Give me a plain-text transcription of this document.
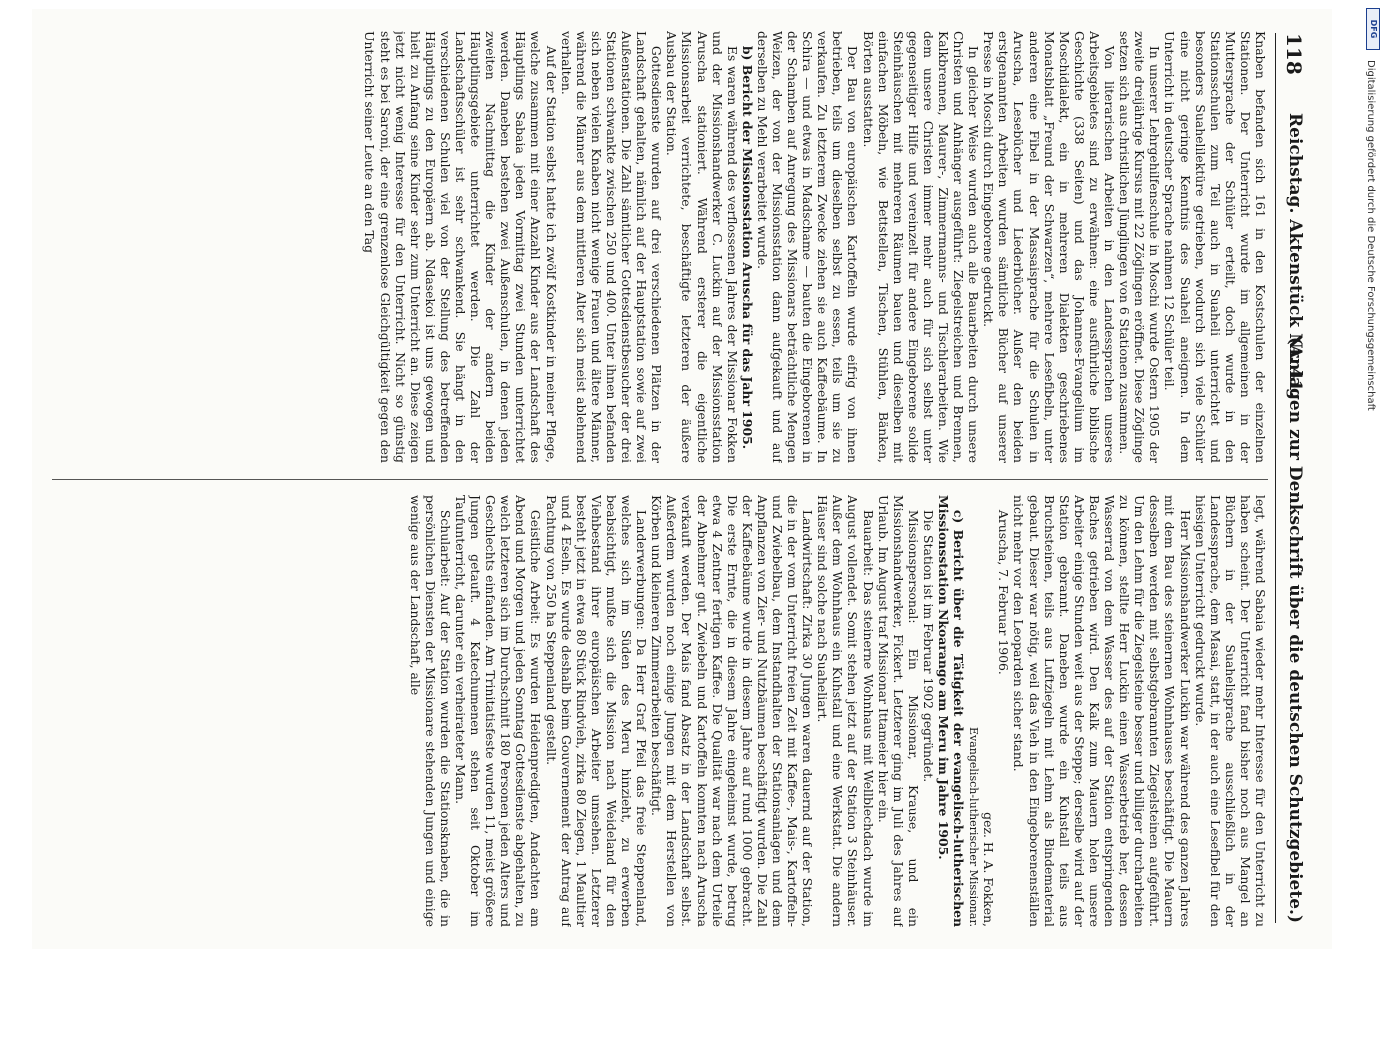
118
Reichstag. Aktenstück Nr. 41.
(Anlagen zur Denkschrift über die deutschen Schutzgebiete.)

Knaben befanden sich 161 in den Kostschulen der einzelnen Stationen. Der Unterricht wurde im allgemeinen in der Muttersprache der Schüler erteilt, doch wurde in den Stationsschulen zum Teil auch in Suaheli unterrichtet und besonders Suahelilektüre getrieben, wodurch sich viele Schüler eine nicht geringe Kenntnis des Suaheli aneignen. In dem Unterricht in deutscher Sprache nahmen 12 Schüler teil.

In unserer Lehrgehilfenschule in Moschi wurde Ostern 1905 der zweite dreijährige Kursus mit 22 Zöglingen eröffnet. Diese Zöglinge setzen sich aus christlichen Jünglingen von 6 Stationen zusammen.

Von literarischen Arbeiten in den Landessprachen unseres Arbeitsgebietes sind zu erwähnen: eine ausführliche biblische Geschichte (338 Seiten) und das Johannes-Evangelium im Moschidialekt, ein in mehreren Dialekten geschriebenes Monatsblatt „Freund der Schwarzen“, mehrere Lesefibeln, unter anderen eine Fibel in der Massaisprache für die Schulen in Aruscha, Lesebücher und Liederbücher. Außer den beiden erstgenannten Arbeiten wurden sämtliche Bücher auf unserer Presse in Moschi durch Eingeborene gedruckt.

In gleicher Weise wurden auch alle Bauarbeiten durch unsere Christen und Anhänger ausgeführt: Ziegelstreichen und Brennen, Kalkbrennen, Maurer-, Zimmermanns- und Tischlerarbeiten. Wie dem unsere Christen immer mehr auch für sich selbst unter gegenseitiger Hilfe und vereinzelt für andere Eingeborene solide Steinhäuschen mit mehreren Räumen bauen und dieselben mit einfachen Möbeln, wie Bettstellen, Tischen, Stühlen, Bänken, Börten ausstatten.

Der Bau von europäischen Kartoffeln wurde eifrig von ihnen betrieben, teils um dieselben selbst zu essen, teils um sie zu verkaufen. Zu letzterem Zwecke ziehen sie auch Kaffeebäume. In Schira — und etwas in Madschame — bauten die Eingeborenen in der Schamben auf Anregung des Missionars beträchtliche Mengen Weizen, der von der Missionsstation dann aufgekauft und auf derselben zu Mehl verarbeitet wurde.

b) Bericht der Missionsstation Aruscha für das Jahr 1905.

Es waren während des verflossenen Jahres der Missionar Fokken und der Missionshandwerker C. Luckin auf der Missionsstation Aruscha stationiert. Während ersterer die eigentliche Missionsarbeit verrichtete, beschäftigte letzteren der äußere Ausbau der Station.

Gottesdienste wurden auf drei verschiedenen Plätzen in der Landschaft gehalten, nämlich auf der Hauptstation sowie auf zwei Außenstationen. Die Zahl sämtlicher Gottesdienstbesucher der drei Stationen schwankte zwischen 250 und 400. Unter ihnen befanden sich neben vielen Knaben nicht wenige Frauen und ältere Männer, während die Männer aus dem mittleren Alter sich meist ablehnend verhalten.

Auf der Station selbst hatte ich zwölf Kostkinder in meiner Pflege, welche zusammen mit einer Anzahl Kinder aus der Landschaft des Häuptlings Sabaia jeden Vormittag zwei Stunden unterrichtet werden. Daneben bestehen zwei Außenschulen, in denen jeden zweiten Nachmittag die Kinder der andern beiden Häuptlingsgebiete unterrichtet werden. Die Zahl der Landschaftsschüler ist sehr schwankend. Sie hängt in den verschiedenen Schulen viel von der Stellung des betreffenden Häuptlings zu den Europäern ab. Ndasekoi ist uns gewogen und hielt zu Anfang seine Kinder sehr zum Unterricht an. Diese zeigen jetzt nicht wenig Interesse für den Unterricht. Nicht so günstig steht es bei Saroni, der eine grenzenlose Gleichgültigkeit gegen den Unterricht seiner Leute an den Tag

legt, während Sabaia wieder mehr Interesse für den Unterricht zu haben scheint. Der Unterricht fand bisher noch aus Mangel an Büchern in der Suahelisprache ausschließlich in der Landessprache, dem Masai, statt, in der auch eine Lesefibel für den hiesigen Unterricht gedruckt wurde.

Herr Missionshandwerker Luckin war während des ganzen Jahres mit dem Bau des steinernen Wohnhauses beschäftigt. Die Mauern desselben werden mit selbstgebrannten Ziegelsteinen aufgeführt. Um den Lehm für die Ziegelsteine besser und billiger durcharbeiten zu können, stellte Herr Luckin einen Wasserbetrieb her, dessen Wasserrad von dem Wasser des auf der Station entspringenden Baches getrieben wird. Den Kalk zum Mauern holen unsere Arbeiter einige Stunden weit aus der Steppe; derselbe wird auf der Station gebrannt. Daneben wurde ein Kuhstall teils aus Bruchsteinen, teils aus Luftziegeln mit Lehm als Bindematerial gebaut. Dieser war nötig, weil das Vieh in den Eingeborenenställen nicht mehr vor den Leoparden sicher stand.

Aruscha, 7. Februar 1906.

gez. H. A. Fokken,

Evangelisch-lutherischer Missionar.

c) Bericht über die Tätigkeit der evangelisch-lutherischen Missionsstation Nkoarango am Meru im Jahre 1905.

Die Station ist im Februar 1902 gegründet.

Missionspersonal: Ein Missionar, Krause, und ein Missionshandwerker, Fickert. Letzterer ging im Juli des Jahres auf Urlaub. Im August traf Missionar Ittameier hier ein.

Bauarbeit: Das steinerne Wohnhaus mit Wellblechdach wurde im August vollendet. Somit stehen jetzt auf der Station 3 Steinhäuser. Außer dem Wohnhaus ein Kuhstall und eine Werkstatt. Die andern Häuser sind solche nach Suaheliart.

Landwirtschaft: Zirka 30 Jungen waren dauernd auf der Station, die in der vom Unterricht freien Zeit mit Kaffee-, Mais-, Kartoffeln- und Zwiebelbau, dem Instandhalten der Stationsanlagen und dem Anpflanzen von Zier- und Nutzbäumen beschäftigt wurden. Die Zahl der Kaffeebäume wurde in diesem Jahre auf rund 1000 gebracht. Die erste Ernte, die in diesem Jahre eingeheimst wurde, betrug etwa 4 Zentner fertigen Kaffee. Die Qualität war nach dem Urteile der Abnehmer gut. Zwiebeln und Kartoffeln konnten nach Aruscha verkauft werden. Der Mais fand Absatz in der Landschaft selbst. Außerdem wurden noch einige Jungen mit dem Herstellen von Körben und kleineren Zimmerarbeiten beschäftigt.

Landerwerbungen: Da Herr Graf Pfeil das freie Steppenland, welches sich im Süden des Meru hinzieht, zu erwerben beabsichtigt, mußte sich die Mission nach Weideland für den Viehbestand ihrer europäischen Arbeiter umsehen. Letzterer besteht jetzt in etwa 80 Stück Rindvieh, zirka 80 Ziegen, 1 Maultier und 4 Eseln. Es wurde deshalb beim Gouvernement der Antrag auf Pachtung von 250 ha Steppenland gestellt.

Geistliche Arbeit: Es wurden Heidenpredigten, Andachten am Abend und Morgen und jeden Sonntag Gottesdienste abgehalten, zu welch letzteren sich im Durchschnitt 180 Personen jeden Alters und Geschlechts einfanden. Am Trinitatisfeste wurden 11, meist größere Jungen getauft. 4 Katechumenen stehen seit Oktober im Taufunterricht, darunter ein verheirateter Mann.

Schularbeit: Auf der Station wurden die Stationsknaben, die in persönlichen Diensten der Missionare stehenden Jungen und einige wenige aus der Landschaft, alle

DFG
Digitalisierung gefördert durch die Deutsche Forschungsgemeinschaft
